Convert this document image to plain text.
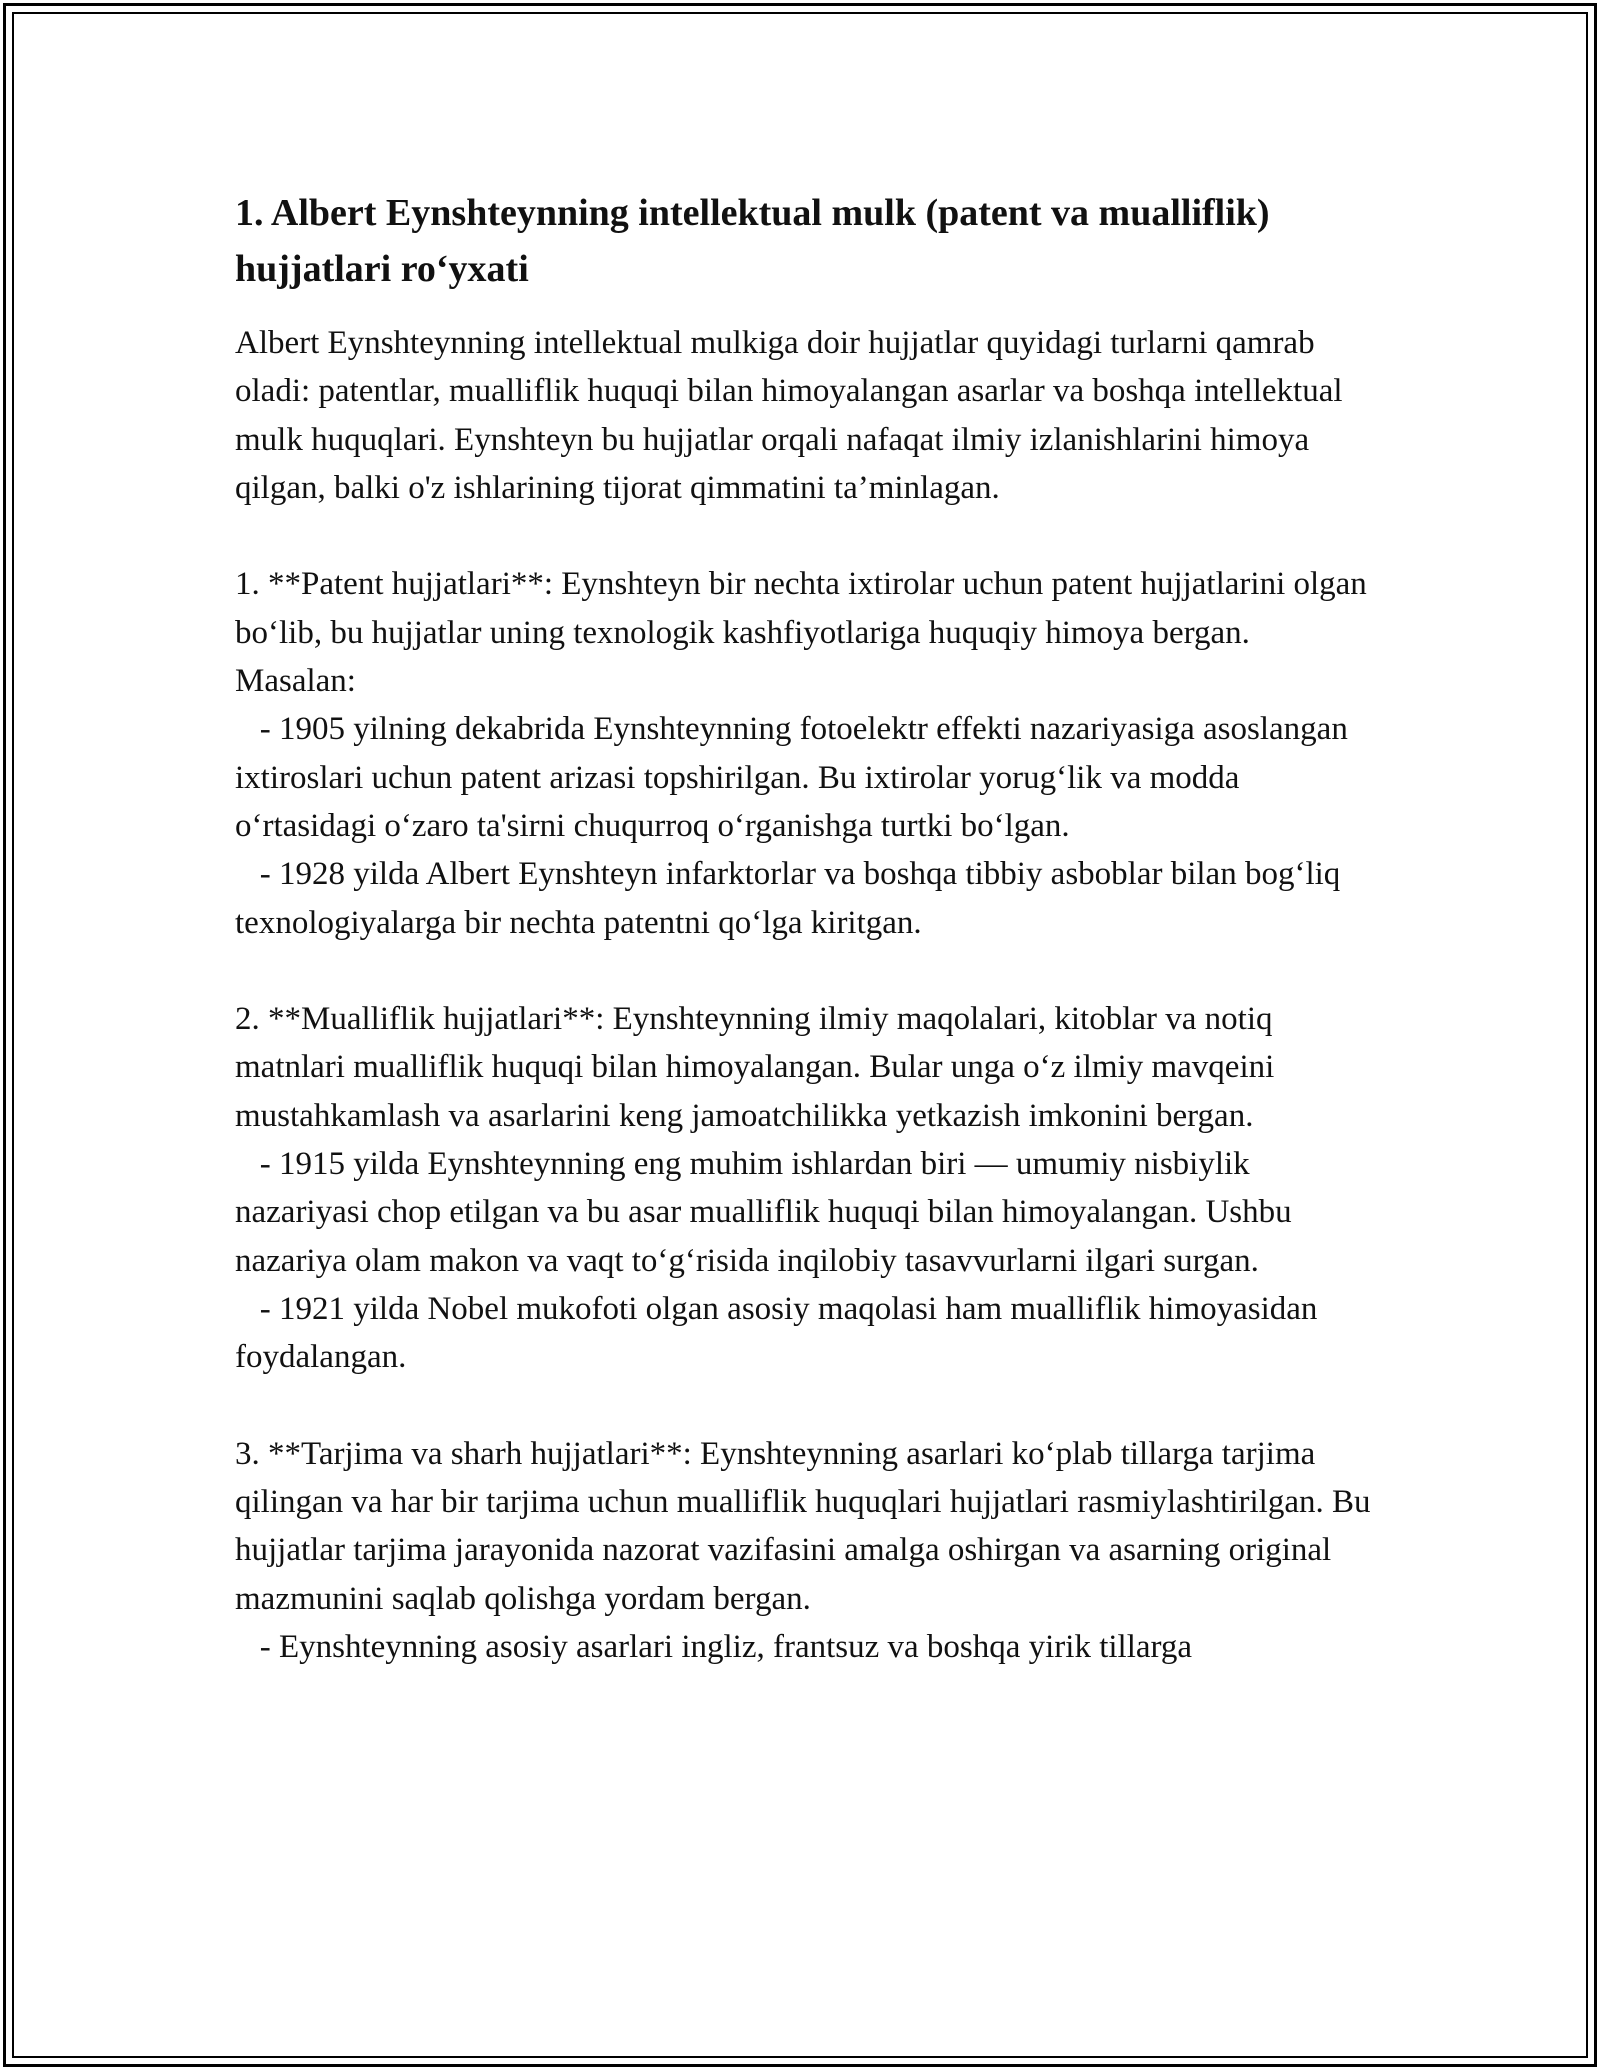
1. Albert Eynshteynning intellektual mulk (patent va mualliflik) hujjatlari ro‘yxati

Albert Eynshteynning intellektual mulkiga doir hujjatlar quyidagi turlarni qamrab oladi: patentlar, mualliflik huquqi bilan himoyalangan asarlar va boshqa intellektual mulk huquqlari. Eynshteyn bu hujjatlar orqali nafaqat ilmiy izlanishlarini himoya qilgan, balki o'z ishlarining tijorat qimmatini ta’minlagan.

1. **Patent hujjatlari**: Eynshteyn bir nechta ixtirolar uchun patent hujjatlarini olgan bo‘lib, bu hujjatlar uning texnologik kashfiyotlariga huquqiy himoya bergan. Masalan:

- 1905 yilning dekabrida Eynshteynning fotoelektr effekti nazariyasiga asoslangan ixtiroslari uchun patent arizasi topshirilgan. Bu ixtirolar yorug‘lik va modda o‘rtasidagi o‘zaro ta'sirni chuqurroq o‘rganishga turtki bo‘lgan.

- 1928 yilda Albert Eynshteyn infarktorlar va boshqa tibbiy asboblar bilan bog‘liq texnologiyalarga bir nechta patentni qo‘lga kiritgan.

2. **Mualliflik hujjatlari**: Eynshteynning ilmiy maqolalari, kitoblar va notiq matnlari mualliflik huquqi bilan himoyalangan. Bular unga o‘z ilmiy mavqeini mustahkamlash va asarlarini keng jamoatchilikka yetkazish imkonini bergan.

- 1915 yilda Eynshteynning eng muhim ishlardan biri — umumiy nisbiylik nazariyasi chop etilgan va bu asar mualliflik huquqi bilan himoyalangan. Ushbu nazariya olam makon va vaqt to‘g‘risida inqilobiy tasavvurlarni ilgari surgan.

- 1921 yilda Nobel mukofoti olgan asosiy maqolasi ham mualliflik himoyasidan foydalangan.

3. **Tarjima va sharh hujjatlari**: Eynshteynning asarlari ko‘plab tillarga tarjima qilingan va har bir tarjima uchun mualliflik huquqlari hujjatlari rasmiylashtirilgan. Bu hujjatlar tarjima jarayonida nazorat vazifasini amalga oshirgan va asarning original mazmunini saqlab qolishga yordam bergan.

- Eynshteynning asosiy asarlari ingliz, frantsuz va boshqa yirik tillarga
